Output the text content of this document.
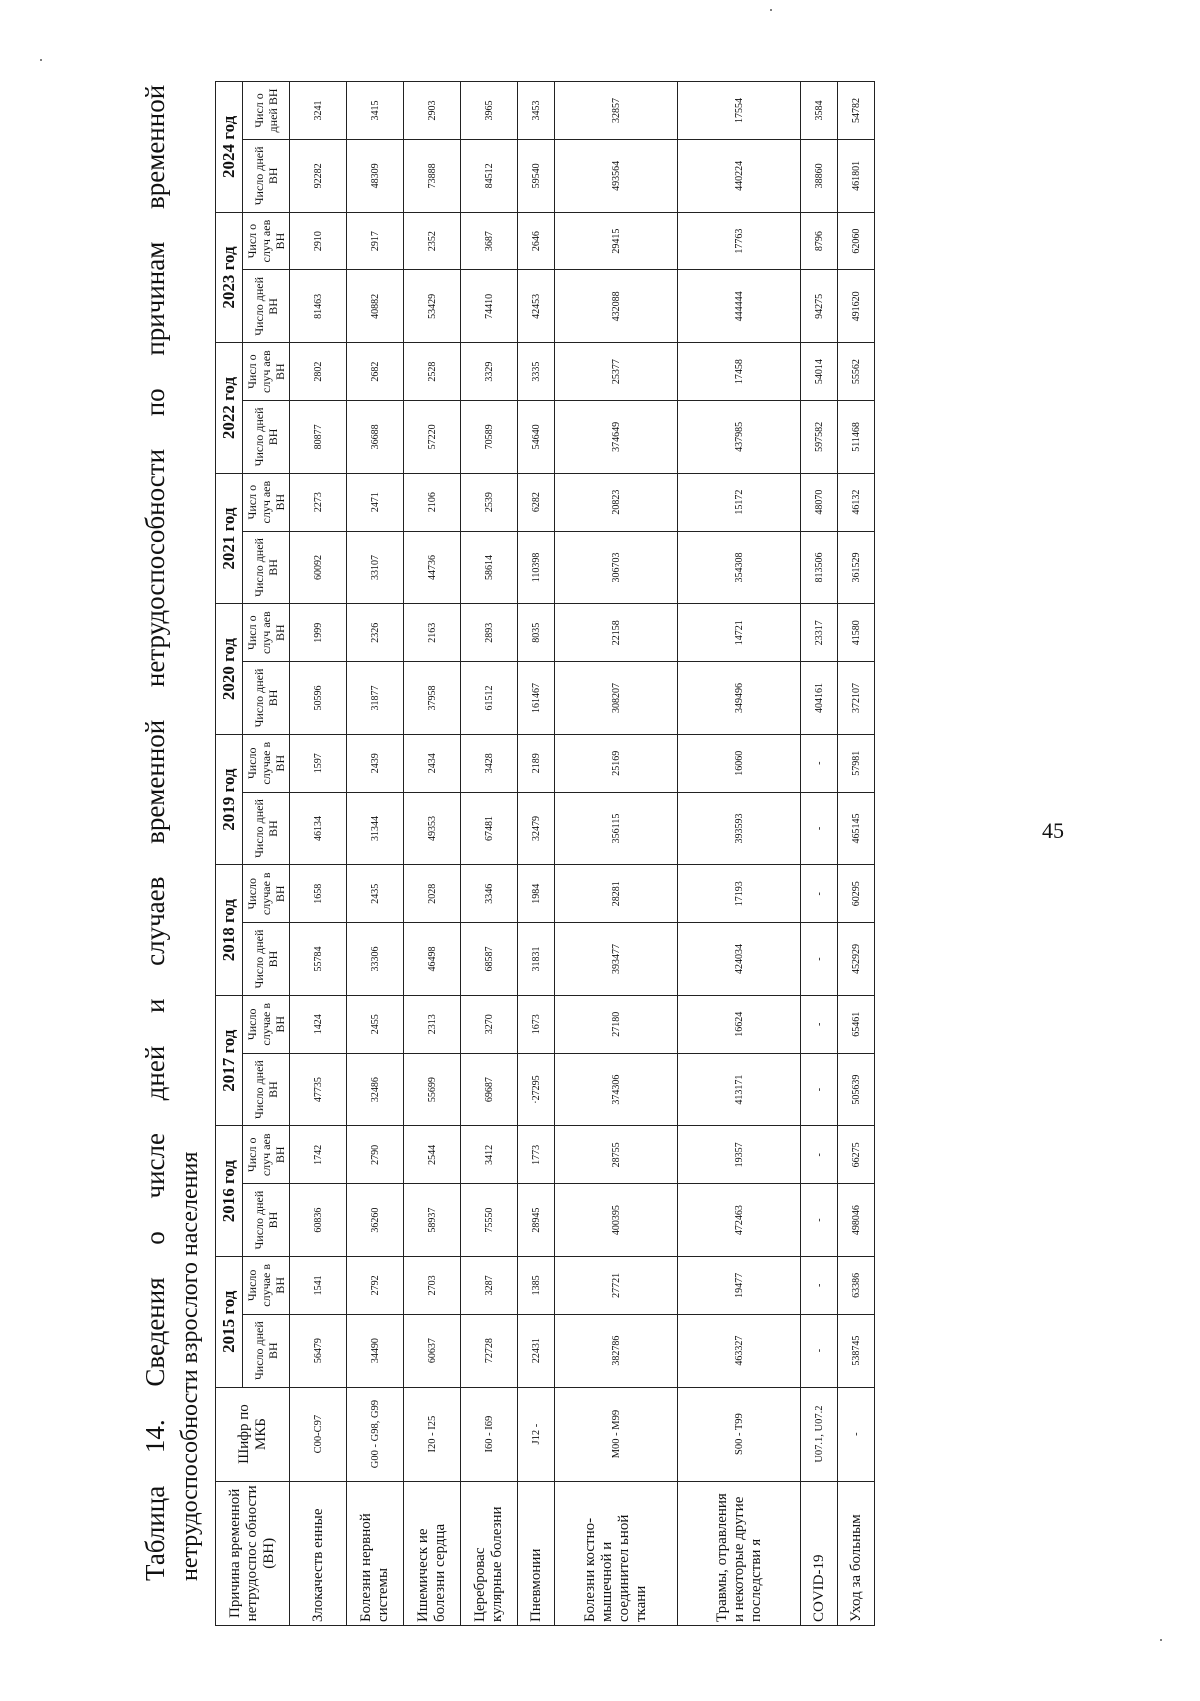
45
Таблица 14. Сведения о числе дней и случаев временной нетрудоспособности по причинам временной
нетрудоспособности взрослого населения Причина временной нетрудоспос обности (ВН)	Шифр по МКБ	2015 год		2016 год		2017 год		2018 год		2019 год		2020 год		2021 год		2022 год		2023 год		2024 год	
		Число дней ВН	Число случае в ВН	Число дней ВН	Числ о случ аев ВН	Число дней ВН	Число случае в ВН	Число дней ВН	Число случае в ВН	Число дней ВН	Число случае в ВН	Число дней ВН	Числ о случ аев ВН	Число дней ВН	Числ о случ аев ВН	Число дней ВН	Числ о случ аев ВН	Число дней ВН	Числ о случ аев ВН	Число дней ВН	Числ о дней ВН
Злокачеств енные	C00-C97	56479	1541	60836	1742	47735	1424	55784	1658	46134	1597	50596	1999	60092	2273	80877	2802	81463	2910	92282	3241
Болезни нервной системы	G00 - G98, G99	34490	2792	36260	2790	32486	2455	33306	2435	31344	2439	31877	2326	33107	2471	36688	2682	40882	2917	48309	3415
Ишемическ ие болезни сердца	I20 - I25	60637	2703	58937	2544	55699	2313	46498	2028	49353	2434	37958	2163	44736	2106	57220	2528	53429	2352	73888	2903
Цереброваc кулярные болезни	I60 - I69	72728	3287	75550	3412	69687	3270	68587	3346	67481	3428	61512	2893	58614	2539	70589	3329	74410	3687	84512	3965
Пневмонии	J12 -	22431	1385	28945	1773	·27295	1673	31831	1984	32479	2189	161467	8035	110398	6282	54640	3335	42453	2646	59540	3453
Болезни костно- мышечной и соединител ьной ткани	M00 - M99	382786	27721	400395	28755	374306	27180	393477	28281	356115	25169	308207	22158	306703	20823	374649	25377	432088	29415	493564	32857
Травмы, отравления и некоторые другие последстви я	S00 - T99	463327	19477	472463	19357	413171	16624	424034	17193	393593	16060	349496	14721	354308	15172	437985	17458	444444	17763	440224	17554
COVID-19	U07.1, U07.2	-	-	-	-	-	-	-	-	-	-	404161	23317	813506	48070	597582	54014	94275	8796	38860	3584
Уход за больным	-	538745	63386	498046	66275	505639	65461	452929	60295	465145	57981	372107	41580	361529	46132	511468	55562	491620	62060	461801	54782
